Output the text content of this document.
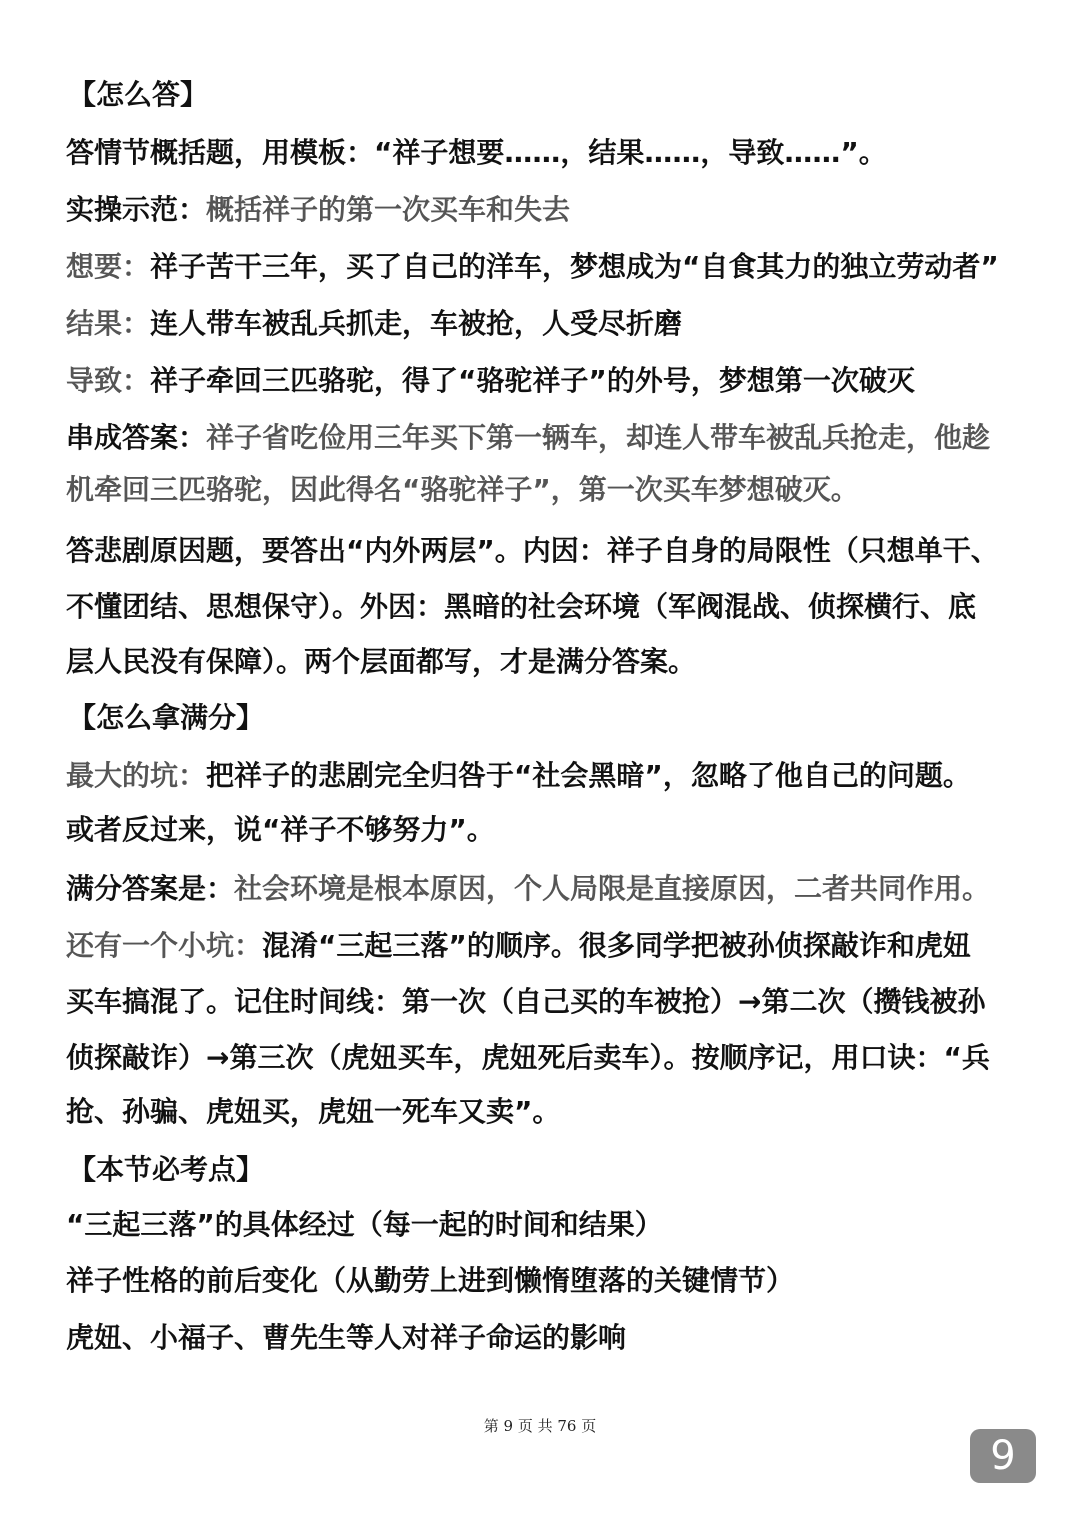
【怎么答】
答情节概括题，用模板：“祥子想要……，结果……，导致……”。
实操示范：概括祥子的第一次买车和失去
想要：祥子苦干三年，买了自己的洋车，梦想成为“自食其力的独立劳动者”
结果：连人带车被乱兵抓走，车被抢，人受尽折磨
导致：祥子牵回三匹骆驼，得了“骆驼祥子”的外号，梦想第一次破灭
串成答案：祥子省吃俭用三年买下第一辆车，却连人带车被乱兵抢走，他趁
机牵回三匹骆驼，因此得名“骆驼祥子”，第一次买车梦想破灭。
答悲剧原因题，要答出“内外两层”。内因：祥子自身的局限性（只想单干、
不懂团结、思想保守）。外因：黑暗的社会环境（军阀混战、侦探横行、底
层人民没有保障）。两个层面都写，才是满分答案。
【怎么拿满分】
最大的坑：把祥子的悲剧完全归咎于“社会黑暗”，忽略了他自己的问题。
或者反过来，说“祥子不够努力”。
满分答案是：社会环境是根本原因，个人局限是直接原因，二者共同作用。
还有一个小坑：混淆“三起三落”的顺序。很多同学把被孙侦探敲诈和虎妞
买车搞混了。记住时间线：第一次（自己买的车被抢）→第二次（攒钱被孙
侦探敲诈）→第三次（虎妞买车，虎妞死后卖车）。按顺序记，用口诀：“兵
抢、孙骗、虎妞买，虎妞一死车又卖”。
【本节必考点】
“三起三落”的具体经过（每一起的时间和结果）
祥子性格的前后变化（从勤劳上进到懒惰堕落的关键情节）
虎妞、小福子、曹先生等人对祥子命运的影响
第 9 页 共 76 页
9
